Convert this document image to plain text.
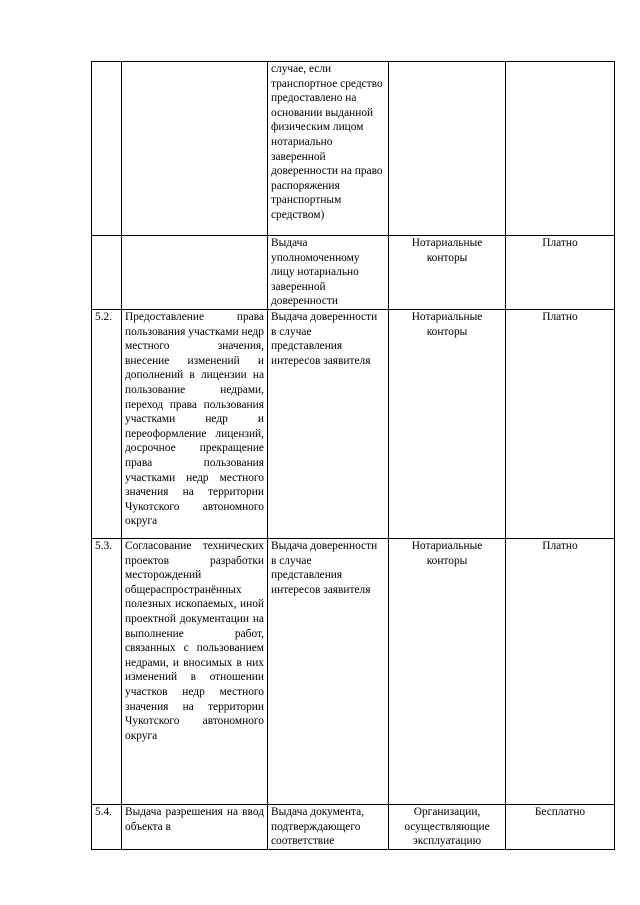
		случае, если транспортное средство предоставлено на основании выданной физическим лицом нотариально заверенной доверенности на право распоряжения транспортным средством)		
		Выдача уполномоченному лицу нотариально заверенной доверенности	Нотариальные конторы	Платно
5.2.	Предоставление права пользования участками недр местного значения, внесение изменений и дополнений в лицензии на пользование недрами, переход права пользования участками недр и переоформление лицензий, досрочное прекращение права пользования участками недр местного значения на территории Чукотского автономного округа	Выдача доверенности в случае представления интересов заявителя	Нотариальные конторы	Платно
5.3.	Согласование технических проектов разработки месторождений общераспространённых полезных ископаемых, иной проектной документации на выполнение работ, связанных с пользованием недрами, и вносимых в них изменений в отношении участков недр местного значения на территории Чукотского автономного округа	Выдача доверенности в случае представления интересов заявителя	Нотариальные конторы	Платно
5.4.	Выдача разрешения на ввод объекта в	Выдача документа, подтверждающего соответствие	Организации, осуществляющие эксплуатацию	Бесплатно
